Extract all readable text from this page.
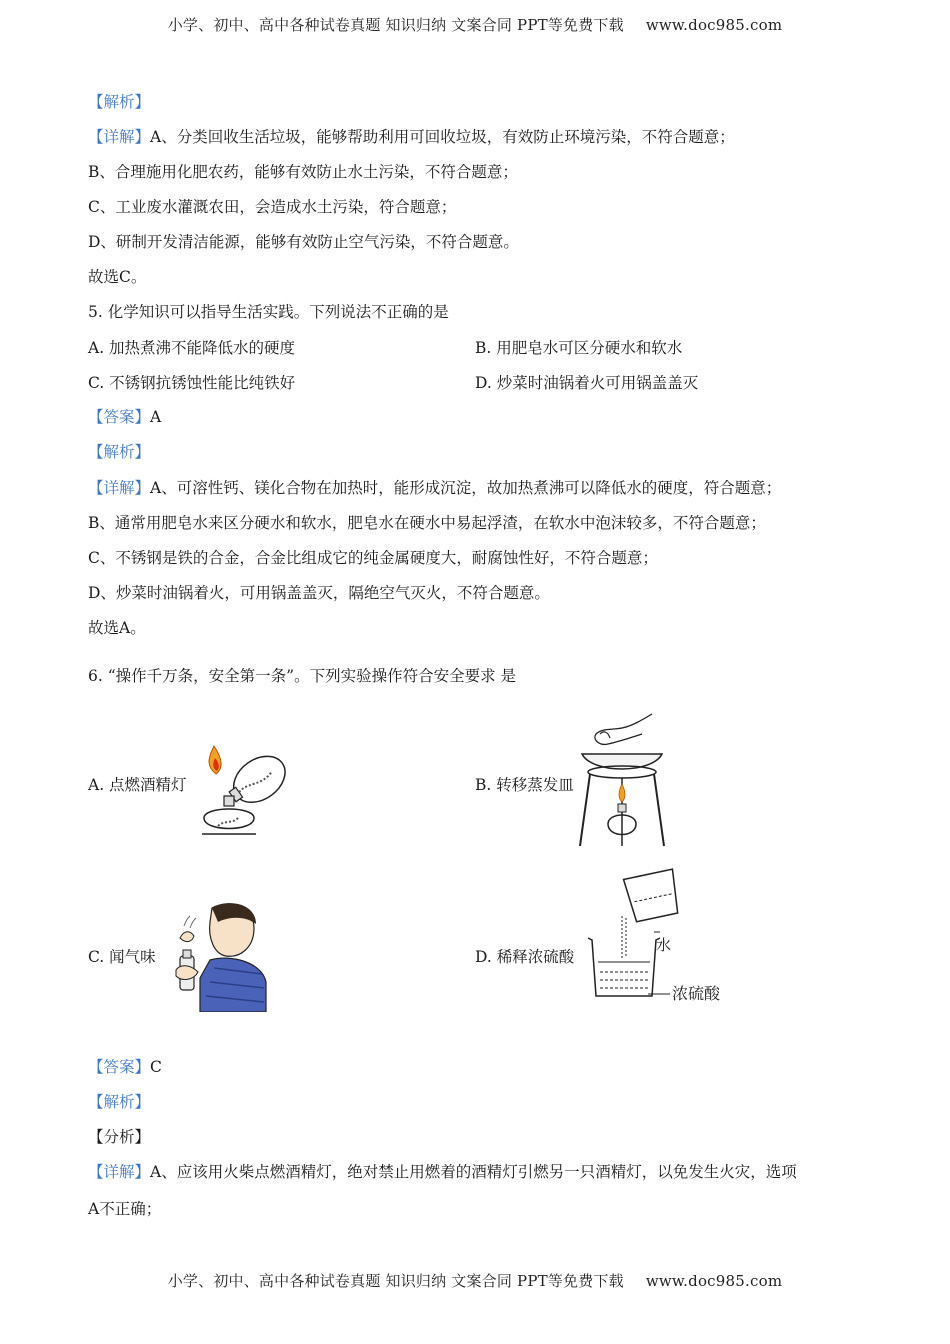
小学、初中、高中各种试卷真题 知识归纳 文案合同 PPT等免费下载 www.doc985.com
【解析】
【详解】A、分类回收生活垃圾，能够帮助利用可回收垃圾，有效防止环境污染，不符合题意；
B、合理施用化肥农药，能够有效防止水土污染，不符合题意；
C、工业废水灌溉农田，会造成水土污染，符合题意；
D、研制开发清洁能源，能够有效防止空气污染，不符合题意。
故选C。
5. 化学知识可以指导生活实践。下列说法不正确的是
A. 加热煮沸不能降低水的硬度	B. 用肥皂水可区分硬水和软水
C. 不锈钢抗锈蚀性能比纯铁好	D. 炒菜时油锅着火可用锅盖盖灭
【答案】A
【解析】
【详解】A、可溶性钙、镁化合物在加热时，能形成沉淀，故加热煮沸可以降低水的硬度，符合题意；
B、通常用肥皂水来区分硬水和软水，肥皂水在硬水中易起浮渣，在软水中泡沫较多，不符合题意；
C、不锈钢是铁的合金，合金比组成它的纯金属硬度大，耐腐蚀性好，不符合题意；
D、炒菜时油锅着火，可用锅盖盖灭，隔绝空气灭火，不符合题意。
故选A。
6. “操作千万条，安全第一条”。下列实验操作符合安全要求 是
A. 点燃酒精灯	B. 转移蒸发皿
C. 闻气味	D. 稀释浓硫酸
水
浓硫酸
【答案】C
【解析】
【分析】
【详解】A、应该用火柴点燃酒精灯，绝对禁止用燃着的酒精灯引燃另一只酒精灯，以免发生火灾，选项
A不正确；
小学、初中、高中各种试卷真题 知识归纳 文案合同 PPT等免费下载 www.doc985.com
